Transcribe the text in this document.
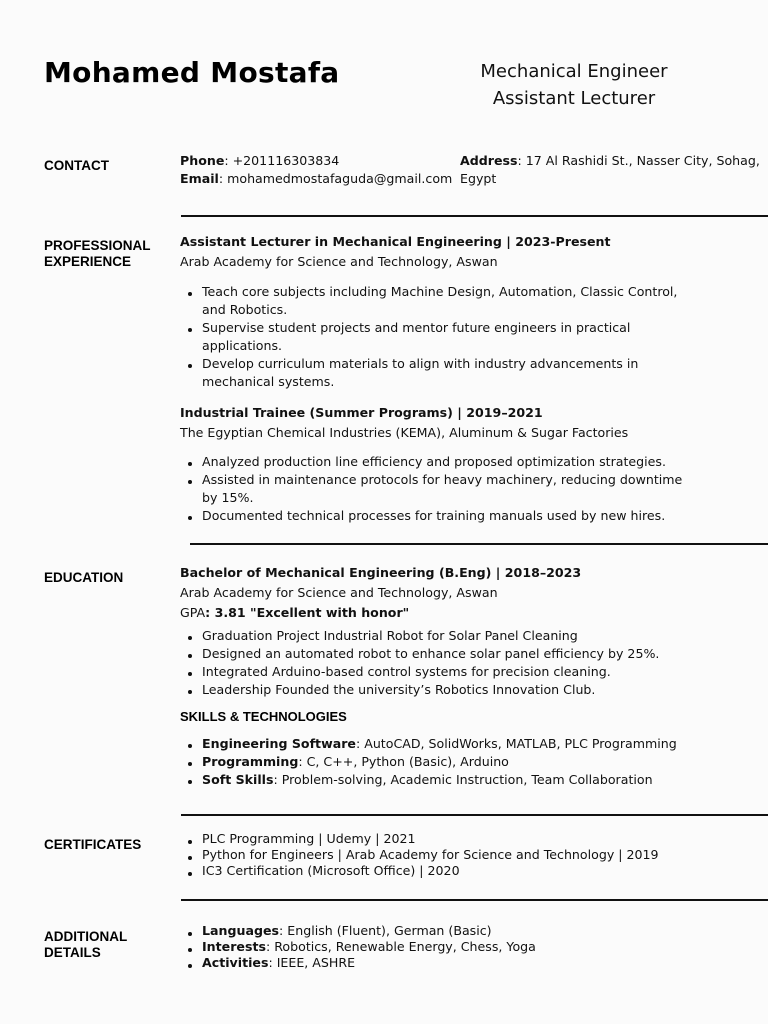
Mohamed Mostafa	Mechanical Engineer
Assistant Lecturer
CONTACT	Phone: +201116303834
Email: mohamedmostafaguda@gmail.com
Address: 17 Al Rashidi St., Nasser City, Sohag,
Egypt
PROFESSIONAL
EXPERIENCE
Assistant Lecturer in Mechanical Engineering | 2023-Present
Arab Academy for Science and Technology, Aswan
Teach core subjects including Machine Design, Automation, Classic Control, and Robotics.
Supervise student projects and mentor future engineers in practical applications.
Develop curriculum materials to align with industry advancements in mechanical systems.
Industrial Trainee (Summer Programs) | 2019–2021
The Egyptian Chemical Industries (KEMA), Aluminum & Sugar Factories
Analyzed production line efficiency and proposed optimization strategies.
Assisted in maintenance protocols for heavy machinery, reducing downtime by 15%.
Documented technical processes for training manuals used by new hires.
EDUCATION	Bachelor of Mechanical Engineering (B.Eng) | 2018–2023
Arab Academy for Science and Technology, Aswan
GPA: 3.81 "Excellent with honor"
Graduation Project Industrial Robot for Solar Panel Cleaning
Designed an automated robot to enhance solar panel efficiency by 25%.
Integrated Arduino-based control systems for precision cleaning.
Leadership Founded the university’s Robotics Innovation Club.
SKILLS & TECHNOLOGIES
Engineering Software: AutoCAD, SolidWorks, MATLAB, PLC Programming
Programming: C, C++, Python (Basic), Arduino
Soft Skills: Problem-solving, Academic Instruction, Team Collaboration
CERTIFICATES	PLC Programming | Udemy | 2021
Python for Engineers | Arab Academy for Science and Technology | 2019
IC3 Certification (Microsoft Office) | 2020
ADDITIONAL
DETAILS
Languages: English (Fluent), German (Basic)
Interests: Robotics, Renewable Energy, Chess, Yoga
Activities: IEEE, ASHRE
